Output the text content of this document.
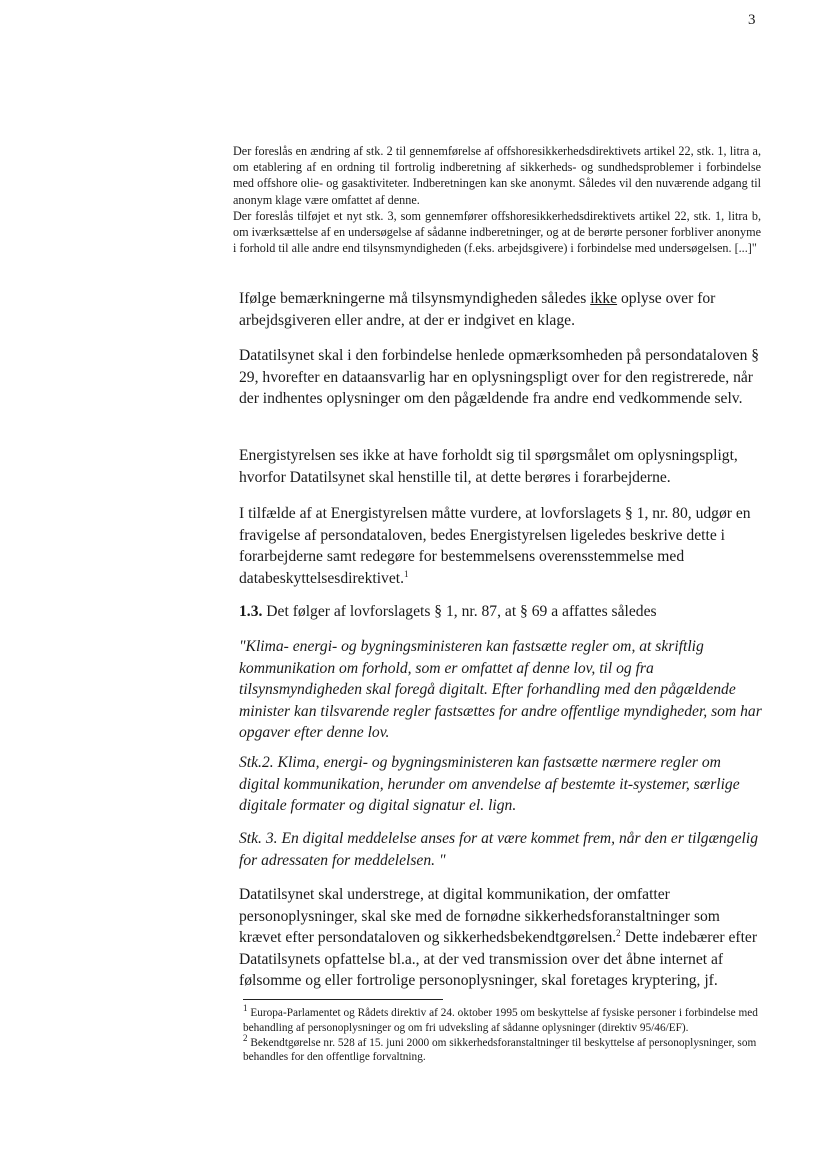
3

Der foreslås en ændring af stk. 2 til gennemførelse af offshoresikkerhedsdirektivets artikel 22, stk. 1, litra a, om etablering af en ordning til fortrolig indberetning af sikkerheds- og sundhedsproblemer i forbindelse med offshore olie- og gasaktiviteter. Indberetningen kan ske anonymt. Således vil den nuværende adgang til anonym klage være omfattet af denne.

Der foreslås tilføjet et nyt stk. 3, som gennemfører offshoresikkerhedsdirektivets artikel 22, stk. 1, litra b, om iværksættelse af en undersøgelse af sådanne indberetninger, og at de berørte personer forbliver anonyme i forhold til alle andre end tilsynsmyndigheden (f.eks. arbejdsgivere) i forbindelse med undersøgelsen. [...]"

Ifølge bemærkningerne må tilsynsmyndigheden således ikke oplyse over for arbejdsgiveren eller andre, at der er indgivet en klage.

Datatilsynet skal i den forbindelse henlede opmærksomheden på persondataloven § 29, hvorefter en dataansvarlig har en oplysningspligt over for den registrerede, når der indhentes oplysninger om den pågældende fra andre end vedkommende selv.

Energistyrelsen ses ikke at have forholdt sig til spørgsmålet om oplysningspligt, hvorfor Datatilsynet skal henstille til, at dette berøres i forarbejderne.

I tilfælde af at Energistyrelsen måtte vurdere, at lovforslagets § 1, nr. 80, udgør en fravigelse af persondataloven, bedes Energistyrelsen ligeledes beskrive dette i forarbejderne samt redegøre for bestemmelsens overensstemmelse med databeskyttelsesdirektivet.$^1$

1.3. Det følger af lovforslagets § 1, nr. 87, at § 69 a affattes således

"Klima- energi- og bygningsministeren kan fastsætte regler om, at skriftlig kommunikation om forhold, som er omfattet af denne lov, til og fra tilsynsmyndigheden skal foregå digitalt. Efter forhandling med den pågældende minister kan tilsvarende regler fastsættes for andre offentlige myndigheder, som har opgaver efter denne lov.

Stk.2. Klima, energi- og bygningsministeren kan fastsætte nærmere regler om digital kommunikation, herunder om anvendelse af bestemte it-systemer, særlige digitale formater og digital signatur el. lign.

Stk. 3. En digital meddelelse anses for at være kommet frem, når den er tilgængelig for adressaten for meddelelsen. "

Datatilsynet skal understrege, at digital kommunikation, der omfatter personoplysninger, skal ske med de fornødne sikkerhedsforanstaltninger som krævet efter persondataloven og sikkerhedsbekendtgørelsen.$^2$ Dette indebærer efter Datatilsynets opfattelse bl.a., at der ved transmission over det åbne internet af følsomme og eller fortrolige personoplysninger, skal foretages kryptering, jf.

$^1$ Europa-Parlamentet og Rådets direktiv af 24. oktober 1995 om beskyttelse af fysiske personer i forbindelse med behandling af personoplysninger og om fri udveksling af sådanne oplysninger (direktiv 95/46/EF).

$^2$ Bekendtgørelse nr. 528 af 15. juni 2000 om sikkerhedsforanstaltninger til beskyttelse af personoplysninger, som behandles for den offentlige forvaltning.
